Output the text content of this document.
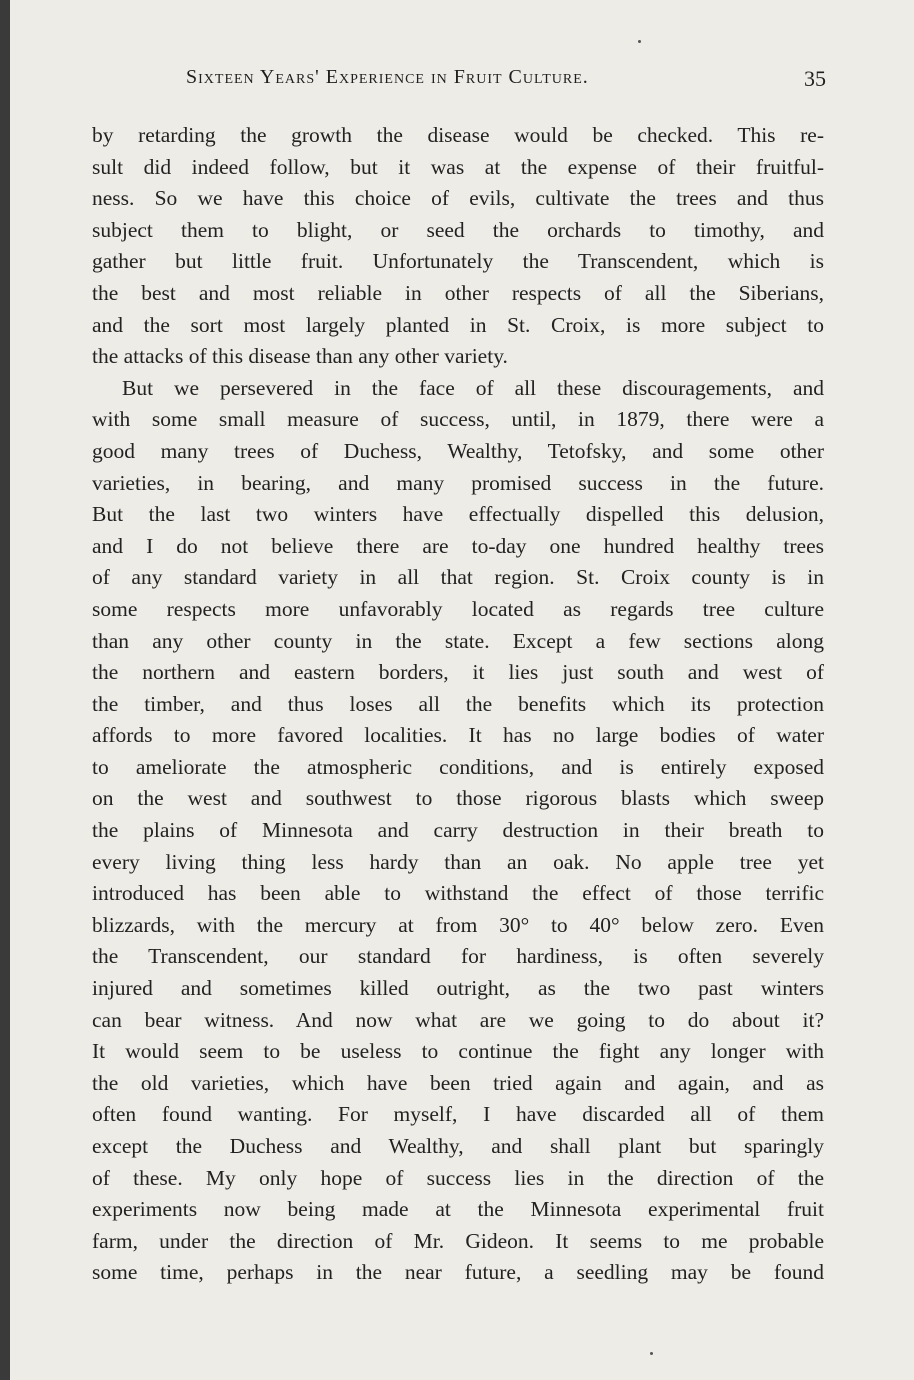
Sixteen Years' Experience in Fruit Culture.	35
by retarding the growth the disease would be checked. This re-
sult did indeed follow, but it was at the expense of their fruitful-
ness. So we have this choice of evils, cultivate the trees and thus
subject them to blight, or seed the orchards to timothy, and
gather but little fruit. Unfortunately the Transcendent, which is
the best and most reliable in other respects of all the Siberians,
and the sort most largely planted in St. Croix, is more subject to
the attacks of this disease than any other variety.
But we persevered in the face of all these discouragements, and
with some small measure of success, until, in 1879, there were a
good many trees of Duchess, Wealthy, Tetofsky, and some other
varieties, in bearing, and many promised success in the future.
But the last two winters have effectually dispelled this delusion,
and I do not believe there are to-day one hundred healthy trees
of any standard variety in all that region. St. Croix county is in
some respects more unfavorably located as regards tree culture
than any other county in the state. Except a few sections along
the northern and eastern borders, it lies just south and west of
the timber, and thus loses all the benefits which its protection
affords to more favored localities. It has no large bodies of water
to ameliorate the atmospheric conditions, and is entirely exposed
on the west and southwest to those rigorous blasts which sweep
the plains of Minnesota and carry destruction in their breath to
every living thing less hardy than an oak. No apple tree yet
introduced has been able to withstand the effect of those terrific
blizzards, with the mercury at from 30° to 40° below zero. Even
the Transcendent, our standard for hardiness, is often severely
injured and sometimes killed outright, as the two past winters
can bear witness. And now what are we going to do about it?
It would seem to be useless to continue the fight any longer with
the old varieties, which have been tried again and again, and as
often found wanting. For myself, I have discarded all of them
except the Duchess and Wealthy, and shall plant but sparingly
of these. My only hope of success lies in the direction of the
experiments now being made at the Minnesota experimental fruit
farm, under the direction of Mr. Gideon. It seems to me probable
some time, perhaps in the near future, a seedling may be found
